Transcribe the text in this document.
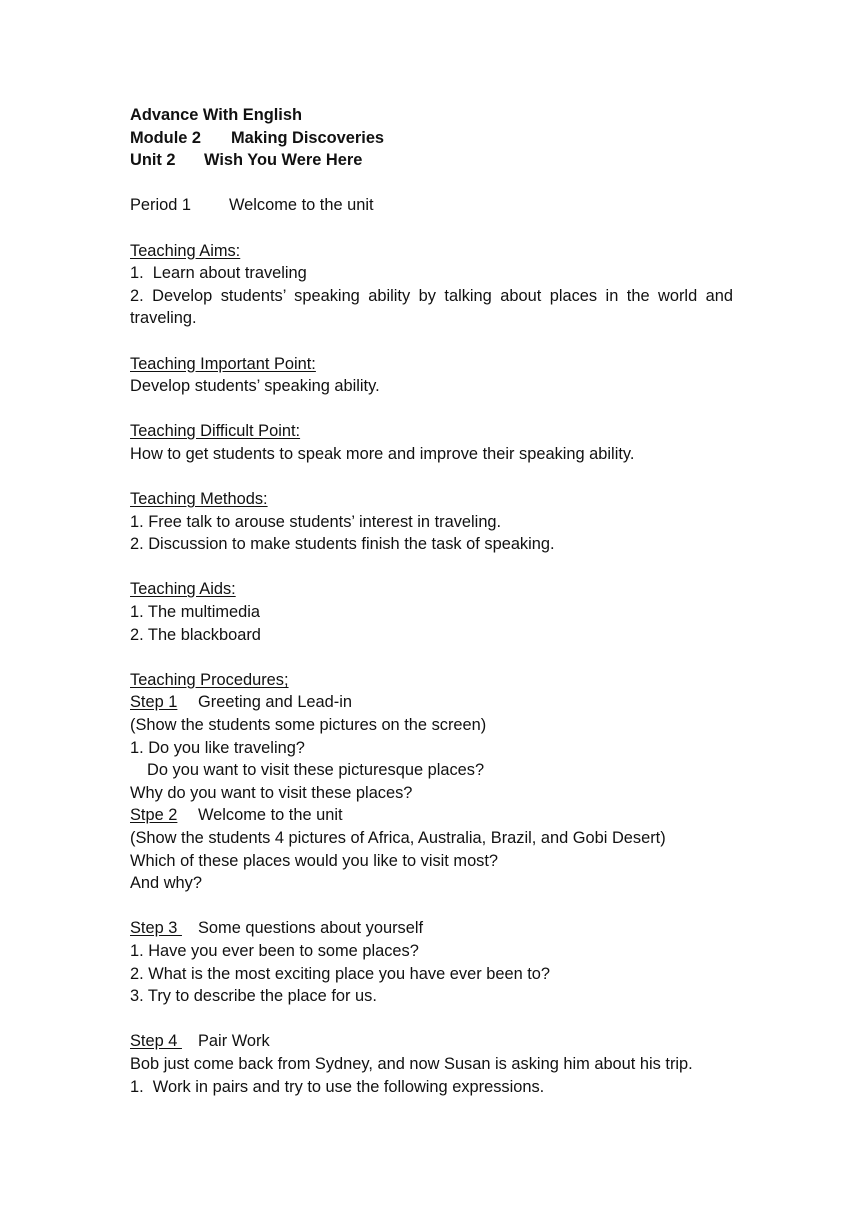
Advance With English
Module 2 Making Discoveries
Unit 2 Wish You Were Here
Period 1 Welcome to the unit
Teaching Aims:
1.  Learn about traveling
2. Develop students’ speaking ability by talking about places in the world and traveling.
Teaching Important Point:
Develop students’ speaking ability.
Teaching Difficult Point:
How to get students to speak more and improve their speaking ability.
Teaching Methods:
1. Free talk to arouse students’ interest in traveling.
2. Discussion to make students finish the task of speaking.
Teaching Aids:
1. The multimedia
2. The blackboard
Teaching Procedures;
Step 1 Greeting and Lead-in
(Show the students some pictures on the screen)
1. Do you like traveling?
Do you want to visit these picturesque places?
Why do you want to visit these places?
Stpe 2 Welcome to the unit
(Show the students 4 pictures of Africa, Australia, Brazil, and Gobi Desert)
Which of these places would you like to visit most?
And why?
Step 3 Some questions about yourself
1. Have you ever been to some places?
2. What is the most exciting place you have ever been to?
3. Try to describe the place for us.
Step 4 Pair Work
Bob just come back from Sydney, and now Susan is asking him about his trip.
1.  Work in pairs and try to use the following expressions.
